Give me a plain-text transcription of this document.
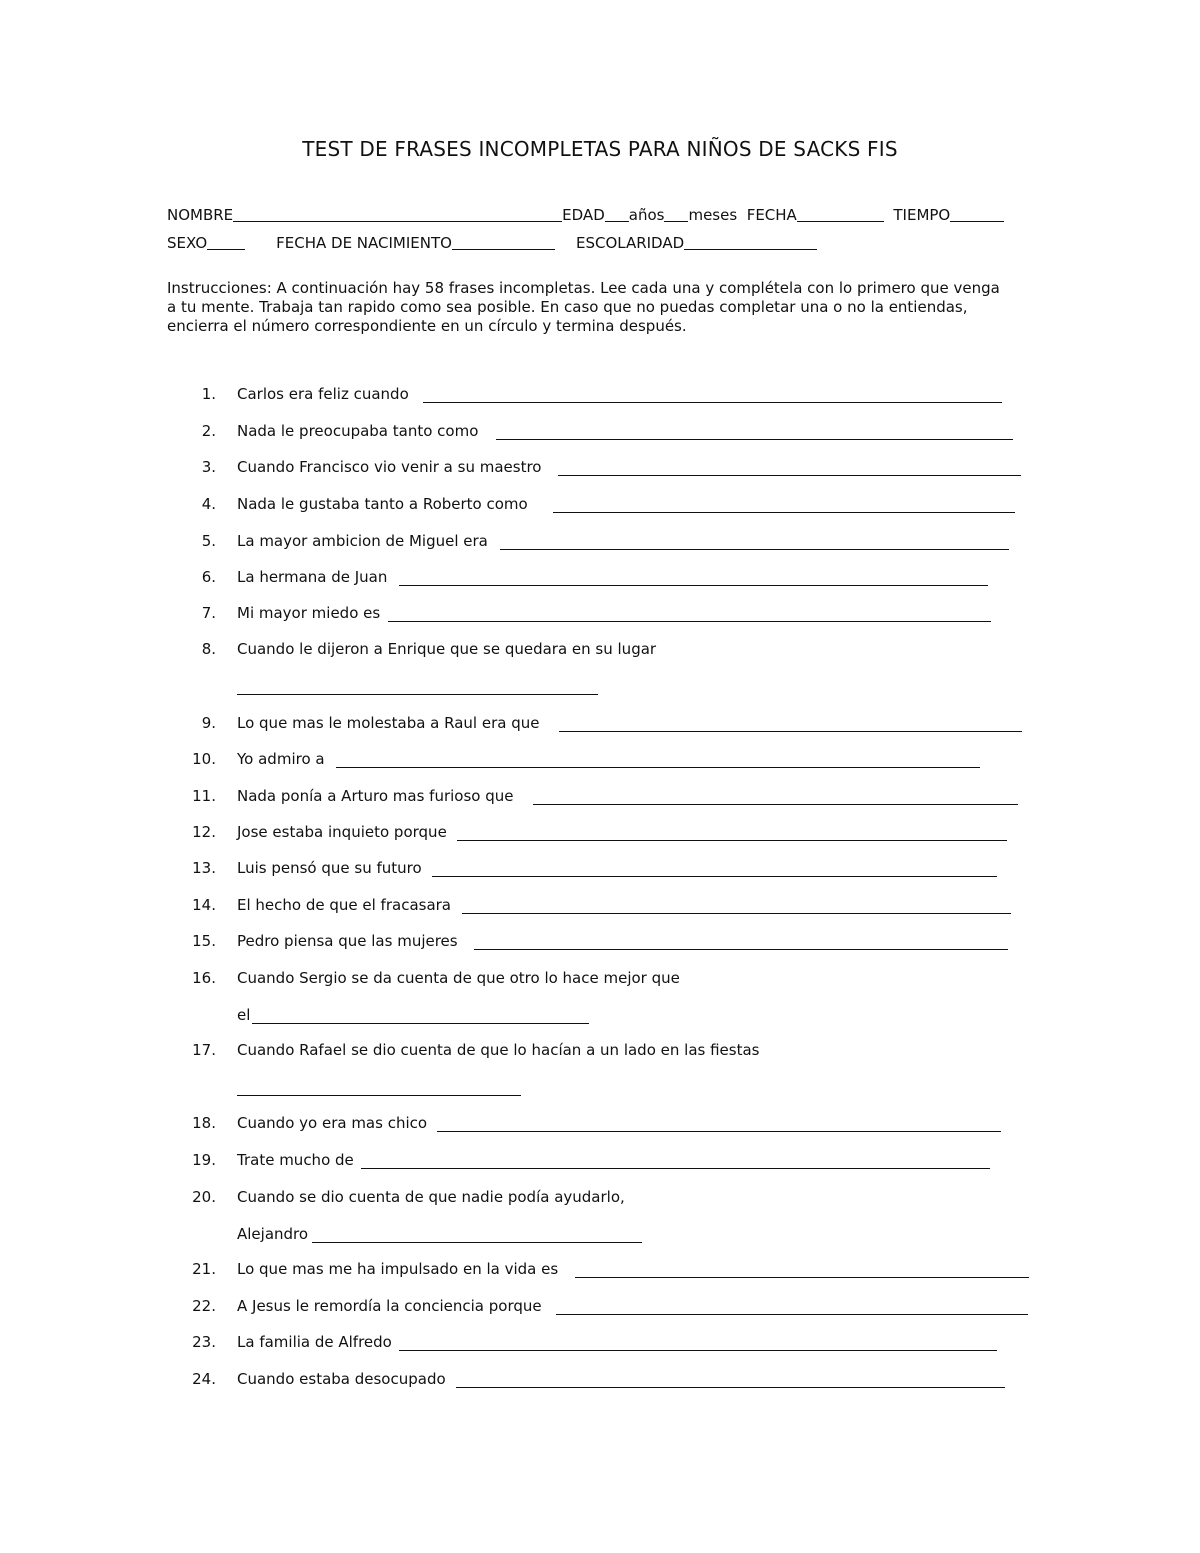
TEST DE FRASES INCOMPLETAS PARA NIÑOS DE SACKS FIS
NOMBRE	EDAD años meses FECHA	TIEMPO
SEXO	FECHA DE NACIMIENTO	ESCOLARIDAD
Instrucciones: A continuación hay 58 frases incompletas. Lee cada una y complétela con lo primero que venga a tu mente. Trabaja tan rapido como sea posible. En caso que no puedas completar una o no la entiendas, encierra el número correspondiente en un círculo y termina después.
1. Carlos era feliz cuando
2. Nada le preocupaba tanto como
3. Cuando Francisco vio venir a su maestro
4. Nada le gustaba tanto a Roberto como
5. La mayor ambicion de Miguel era
6. La hermana de Juan
7. Mi mayor miedo es
8. Cuando le dijeron a Enrique que se quedara en su lugar
9. Lo que mas le molestaba a Raul era que
10. Yo admiro a
11. Nada ponía a Arturo mas furioso que
12. Jose estaba inquieto porque
13. Luis pensó que su futuro
14. El hecho de que el fracasara
15. Pedro piensa que las mujeres
16. Cuando Sergio se da cuenta de que otro lo hace mejor que
el
17. Cuando Rafael se dio cuenta de que lo hacían a un lado en las fiestas
18. Cuando yo era mas chico
19. Trate mucho de
20. Cuando se dio cuenta de que nadie podía ayudarlo,
Alejandro
21. Lo que mas me ha impulsado en la vida es
22. A Jesus le remordía la conciencia porque
23. La familia de Alfredo
24. Cuando estaba desocupado
